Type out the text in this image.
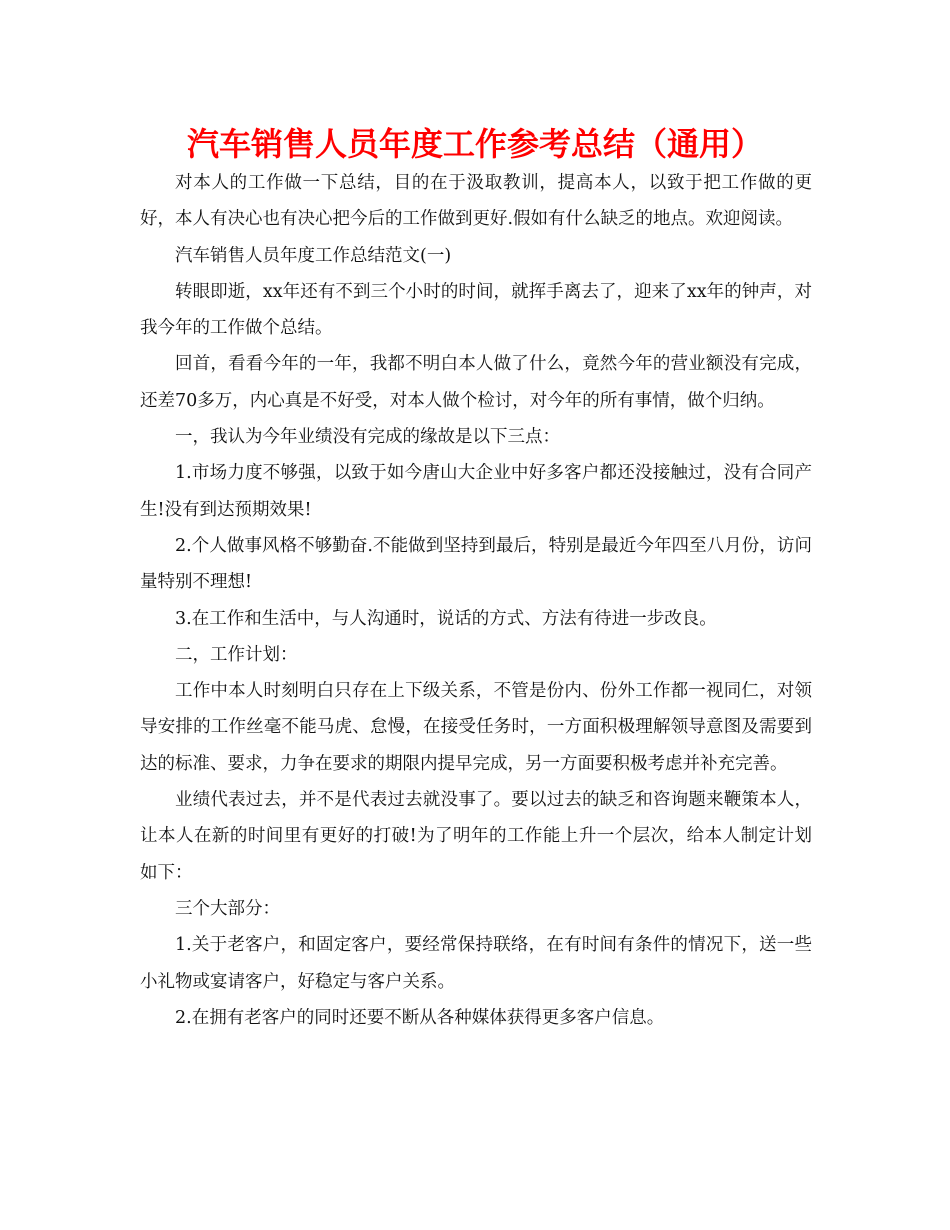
汽车销售人员年度工作参考总结（通用）

对本人的工作做一下总结，目的在于汲取教训，提高本人，以致于把工作做的更好，本人有决心也有决心把今后的工作做到更好.假如有什么缺乏的地点。欢迎阅读。

汽车销售人员年度工作总结范文(一)

转眼即逝，xx年还有不到三个小时的时间，就挥手离去了，迎来了xx年的钟声，对我今年的工作做个总结。

回首，看看今年的一年，我都不明白本人做了什么，竟然今年的营业额没有完成，还差70多万，内心真是不好受，对本人做个检讨，对今年的所有事情，做个归纳。

一，我认为今年业绩没有完成的缘故是以下三点：

1.市场力度不够强，以致于如今唐山大企业中好多客户都还没接触过，没有合同产生!没有到达预期效果!

2.个人做事风格不够勤奋.不能做到坚持到最后，特别是最近今年四至八月份，访问量特别不理想!

3.在工作和生活中，与人沟通时，说话的方式、方法有待进一步改良。

二，工作计划：

工作中本人时刻明白只存在上下级关系，不管是份内、份外工作都一视同仁，对领导安排的工作丝毫不能马虎、怠慢，在接受任务时，一方面积极理解领导意图及需要到达的标准、要求，力争在要求的期限内提早完成，另一方面要积极考虑并补充完善。

业绩代表过去，并不是代表过去就没事了。要以过去的缺乏和咨询题来鞭策本人，让本人在新的时间里有更好的打破!为了明年的工作能上升一个层次，给本人制定计划如下：

三个大部分：

1.关于老客户，和固定客户，要经常保持联络，在有时间有条件的情况下，送一些小礼物或宴请客户，好稳定与客户关系。

2.在拥有老客户的同时还要不断从各种媒体获得更多客户信息。
